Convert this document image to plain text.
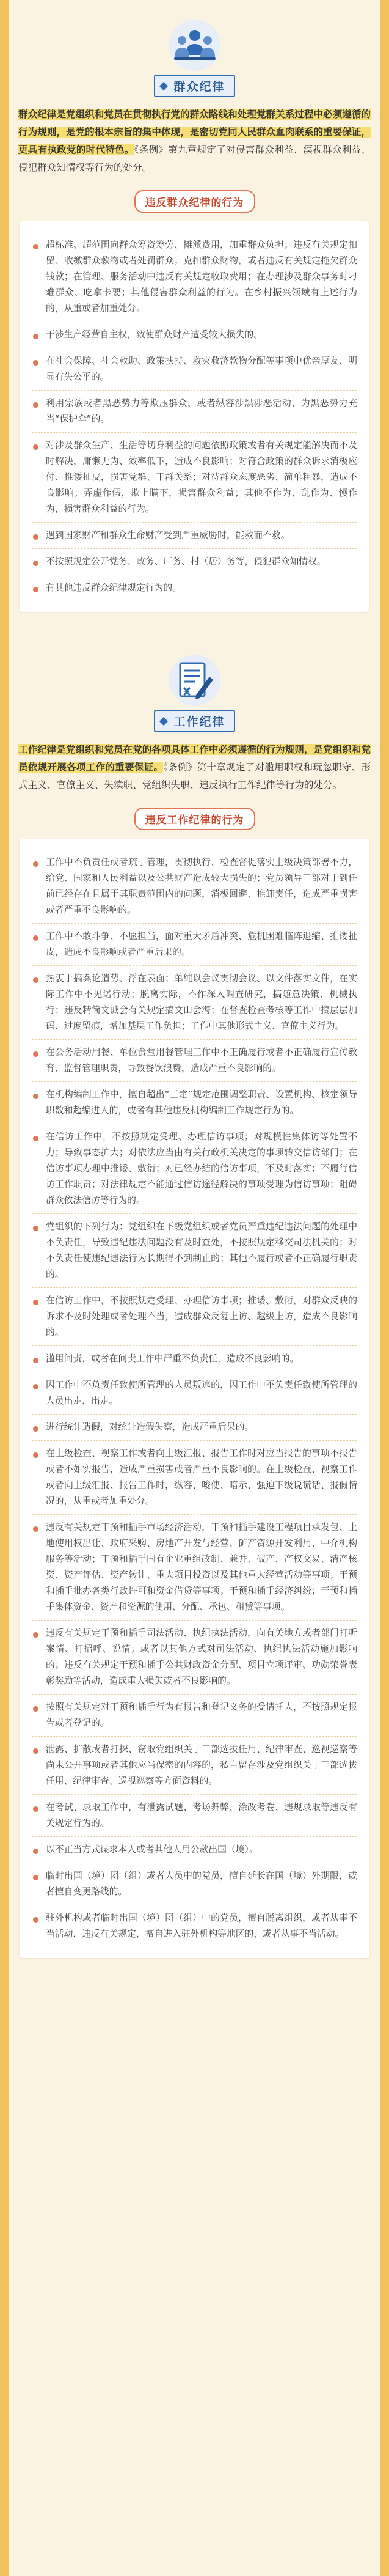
群众纪律

群众纪律是党组织和党员在贯彻执行党的群众路线和处理党群关系过程中必须遵循的行为规则，是党的根本宗旨的集中体现，是密切党同人民群众血肉联系的重要保证，更具有执政党的时代特色。《条例》第九章规定了对侵害群众利益、漠视群众利益、侵犯群众知情权等行为的处分。

违反群众纪律的行为

超标准、超范围向群众筹资筹劳、摊派费用，加重群众负担；违反有关规定扣留、收缴群众款物或者处罚群众；克扣群众财物，或者违反有关规定拖欠群众钱款；在管理、服务活动中违反有关规定收取费用；在办理涉及群众事务时刁难群众、吃拿卡要；其他侵害群众利益的行为。在乡村振兴领域有上述行为的，从重或者加重处分。

干涉生产经营自主权，致使群众财产遭受较大损失的。

在社会保障、社会救助、政策扶持、救灾救济款物分配等事项中优亲厚友、明显有失公平的。

利用宗族或者黑恶势力等欺压群众，或者纵容涉黑涉恶活动、为黑恶势力充当“保护伞”的。

对涉及群众生产、生活等切身利益的问题依照政策或者有关规定能解决而不及时解决，庸懒无为、效率低下，造成不良影响；对符合政策的群众诉求消极应付、推诿扯皮，损害党群、干群关系；对待群众态度恶劣、简单粗暴，造成不良影响；弄虚作假，欺上瞒下，损害群众利益；其他不作为、乱作为、慢作为，损害群众利益的行为。

遇到国家财产和群众生命财产受到严重威胁时，能救而不救。

不按照规定公开党务、政务、厂务、村（居）务等，侵犯群众知情权。

有其他违反群众纪律规定行为的。

工作纪律

工作纪律是党组织和党员在党的各项具体工作中必须遵循的行为规则，是党组织和党员依规开展各项工作的重要保证。《条例》第十章规定了对滥用职权和玩忽职守、形式主义、官僚主义、失渎职、党组织失职、违反执行工作纪律等行为的处分。

违反工作纪律的行为

工作中不负责任或者疏于管理，贯彻执行、检查督促落实上级决策部署不力，给党、国家和人民利益以及公共财产造成较大损失的；党员领导干部对于到任前已经存在且属于其职责范围内的问题，消极回避、推卸责任，造成严重损害或者严重不良影响的。

工作中不敢斗争、不愿担当，面对重大矛盾冲突、危机困难临阵退缩、推诿扯皮，造成不良影响或者严重后果的。

热衷于搞舆论造势、浮在表面；单纯以会议贯彻会议、以文件落实文件，在实际工作中不见诺行动；脱离实际，不作深入调查研究，搞随意决策、机械执行；违反精简文诚会有关规定搞文山会海；在督查检查考核等工作中搞层层加码、过度留痕，增加基层工作负担；工作中其他形式主义、官僚主义行为。

在公务活动用餐、单位食堂用餐管理工作中不正确履行或者不正确履行宣传教育、监督管理职责，导致餐饮浪费，造成严重不良影响的。

在机构编制工作中，擅自超出“三定”规定范围调整职责、设置机构、核定领导职数和超编进人的，或者有其他违反机构编制工作规定行为的。

在信访工作中，不按照规定受理、办理信访事项；对规模性集体访等处置不力；导致事态扩大；对依法应当由有关行政机关决定的事项转交信访部门；在信访事项办理中推诿、敷衍；对已经办结的信访事项，不及时落实；不履行信访工作职责；对法律规定不能通过信访途径解决的事项受理为信访事项；阻碍群众依法信访等行为的。

党组织的下列行为：党组织在下级党组织或者党员严重违纪违法问题的处理中不负责任，导致违纪违法问题没有及时查处，不按照规定移交司法机关的；对不负责任使违纪违法行为长期得不到制止的；其他不履行或者不正确履行职责的。

在信访工作中，不按照规定受理、办理信访事项；推诿、敷衍，对群众反映的诉求不及时处理或者处理不当，造成群众反复上访、越级上访，造成不良影响的。

滥用问责，或者在问责工作中严重不负责任，造成不良影响的。

因工作中不负责任致使所管理的人员叛逃的，因工作中不负责任致使所管理的人员出走，出走。

进行统计造假，对统计造假失察，造成严重后果的。

在上级检查、视察工作或者向上级汇报、报告工作时对应当报告的事项不报告或者不如实报告，造成严重损害或者严重不良影响的。在上级检查、视察工作或者向上级汇报、报告工作时，纵容、唆使、暗示、强迫下级说谎话、报假情况的，从重或者加重处分。

违反有关规定干预和插手市场经济活动，干预和插手建设工程项目承发包、土地使用权出让、政府采购、房地产开发与经营、矿产资源开发利用、中介机构服务等活动；干预和插手国有企业重组改制、兼并、破产、产权交易、清产核资、资产评估、资产转让、重大项目投资以及其他重大经营活动等事项；干预和插手批办各类行政许可和资金借贷等事项；干预和插手经济纠纷；干预和插手集体资金、资产和资源的使用、分配、承包、租赁等事项。

违反有关规定干预和插手司法活动、执纪执法活动，向有关地方或者部门打听案情、打招呼、说情；或者以其他方式对司法活动、执纪执法活动施加影响的；违反有关规定干预和插手公共财政资金分配、项目立项评审、功勋荣誉表彰奖励等活动，造成重大损失或者不良影响的。

按照有关规定对干预和插手行为有报告和登记义务的受请托人，不按照规定报告或者登记的。

泄露、扩散或者打探、窃取党组织关于干部选拔任用、纪律审查、巡视巡察等尚未公开事项或者其他应当保密的内容的，私自留存涉及党组织关于干部选拔任用、纪律审查、巡视巡察等方面资料的。

在考试、录取工作中，有泄露试题、考场舞弊、涂改考卷、违规录取等违反有关规定行为的。

以不正当方式谋求本人或者其他人用公款出国（境）。

临时出国（境）团（组）或者人员中的党员，擅自延长在国（境）外期限，或者擅自变更路线的。

驻外机构或者临时出国（境）团（组）中的党员，擅自脱离组织，或者从事不当活动，违反有关规定，擅自进入驻外机构等地区的，或者从事不当活动。
